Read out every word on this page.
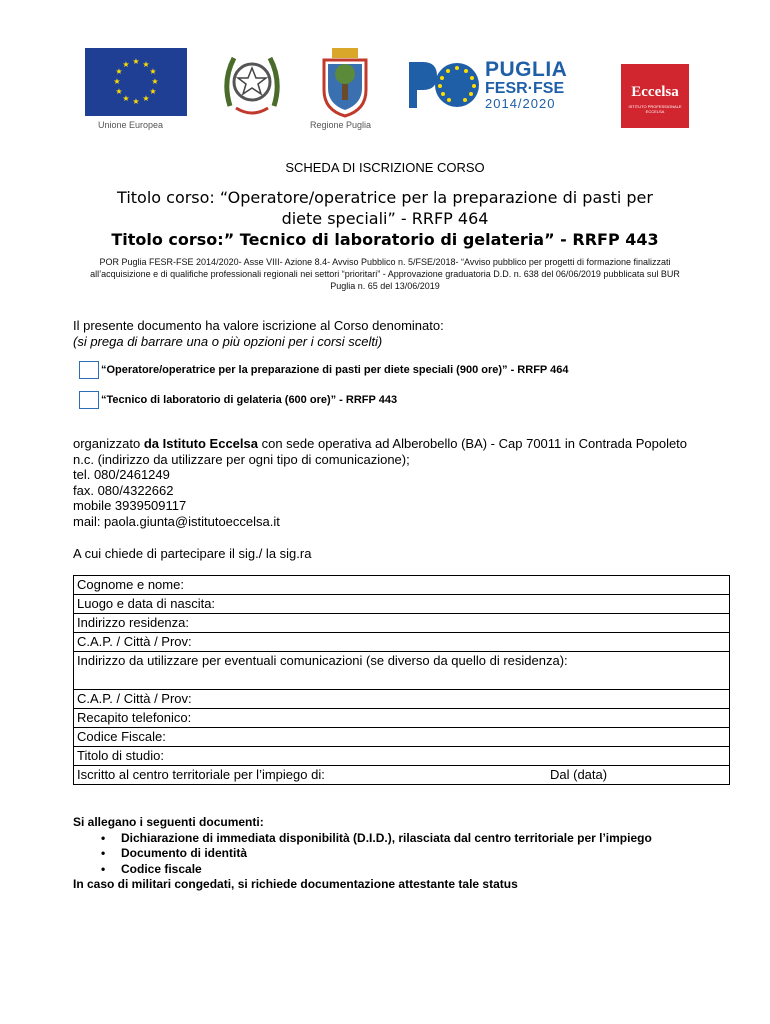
★ ★
★
★
★
★
★
★
★
★
★
★
Unione Europea	Regione Puglia
PUGLIA
FESR·FSE
2014/2020
Eccelsa
ISTITUTO PROFESSIONALE ECCELSA
SCHEDA DI ISCRIZIONE CORSO
Titolo corso: “Operatore/operatrice per la preparazione di pasti per
diete speciali” - RRFP 464
Titolo corso:” Tecnico di laboratorio di gelateria” - RRFP 443
POR Puglia FESR-FSE 2014/2020- Asse VIII- Azione 8.4- Avviso Pubblico n. 5/FSE/2018- “Avviso pubblico per progetti di formazione finalizzati all’acquisizione e di qualifiche professionali regionali nei settori “prioritari” - Approvazione graduatoria D.D. n. 638 del 06/06/2019 pubblicata sul BUR Puglia n. 65 del 13/06/2019
Il presente documento ha valore iscrizione al Corso denominato:
(si prega di barrare una o più opzioni per i corsi scelti)
“Operatore/operatrice per la preparazione di pasti per diete speciali (900 ore)” - RRFP 464
“Tecnico di laboratorio di gelateria (600 ore)” - RRFP 443
organizzato da Istituto Eccelsa con sede operativa ad Alberobello (BA) - Cap 70011 in Contrada Popoleto n.c. (indirizzo da utilizzare per ogni tipo di comunicazione);
tel. 080/2461249
fax. 080/4322662
mobile 3939509117
mail: paola.giunta@istitutoeccelsa.it
A cui chiede di partecipare il sig./ la sig.ra
Cognome e nome:
Luogo e data di nascita:
Indirizzo residenza:
C.A.P. / Città / Prov:
Indirizzo da utilizzare per eventuali comunicazioni (se diverso da quello di residenza):
C.A.P. / Città / Prov:
Recapito telefonico:
Codice Fiscale:
Titolo di studio:
Iscritto al centro territoriale per l’impiego di:	Dal (data)
Si allegano i seguenti documenti:
• Dichiarazione di immediata disponibilità (D.I.D.), rilasciata dal centro territoriale per l’impiego
• Documento di identità
• Codice fiscale
In caso di militari congedati, si richiede documentazione attestante tale status
